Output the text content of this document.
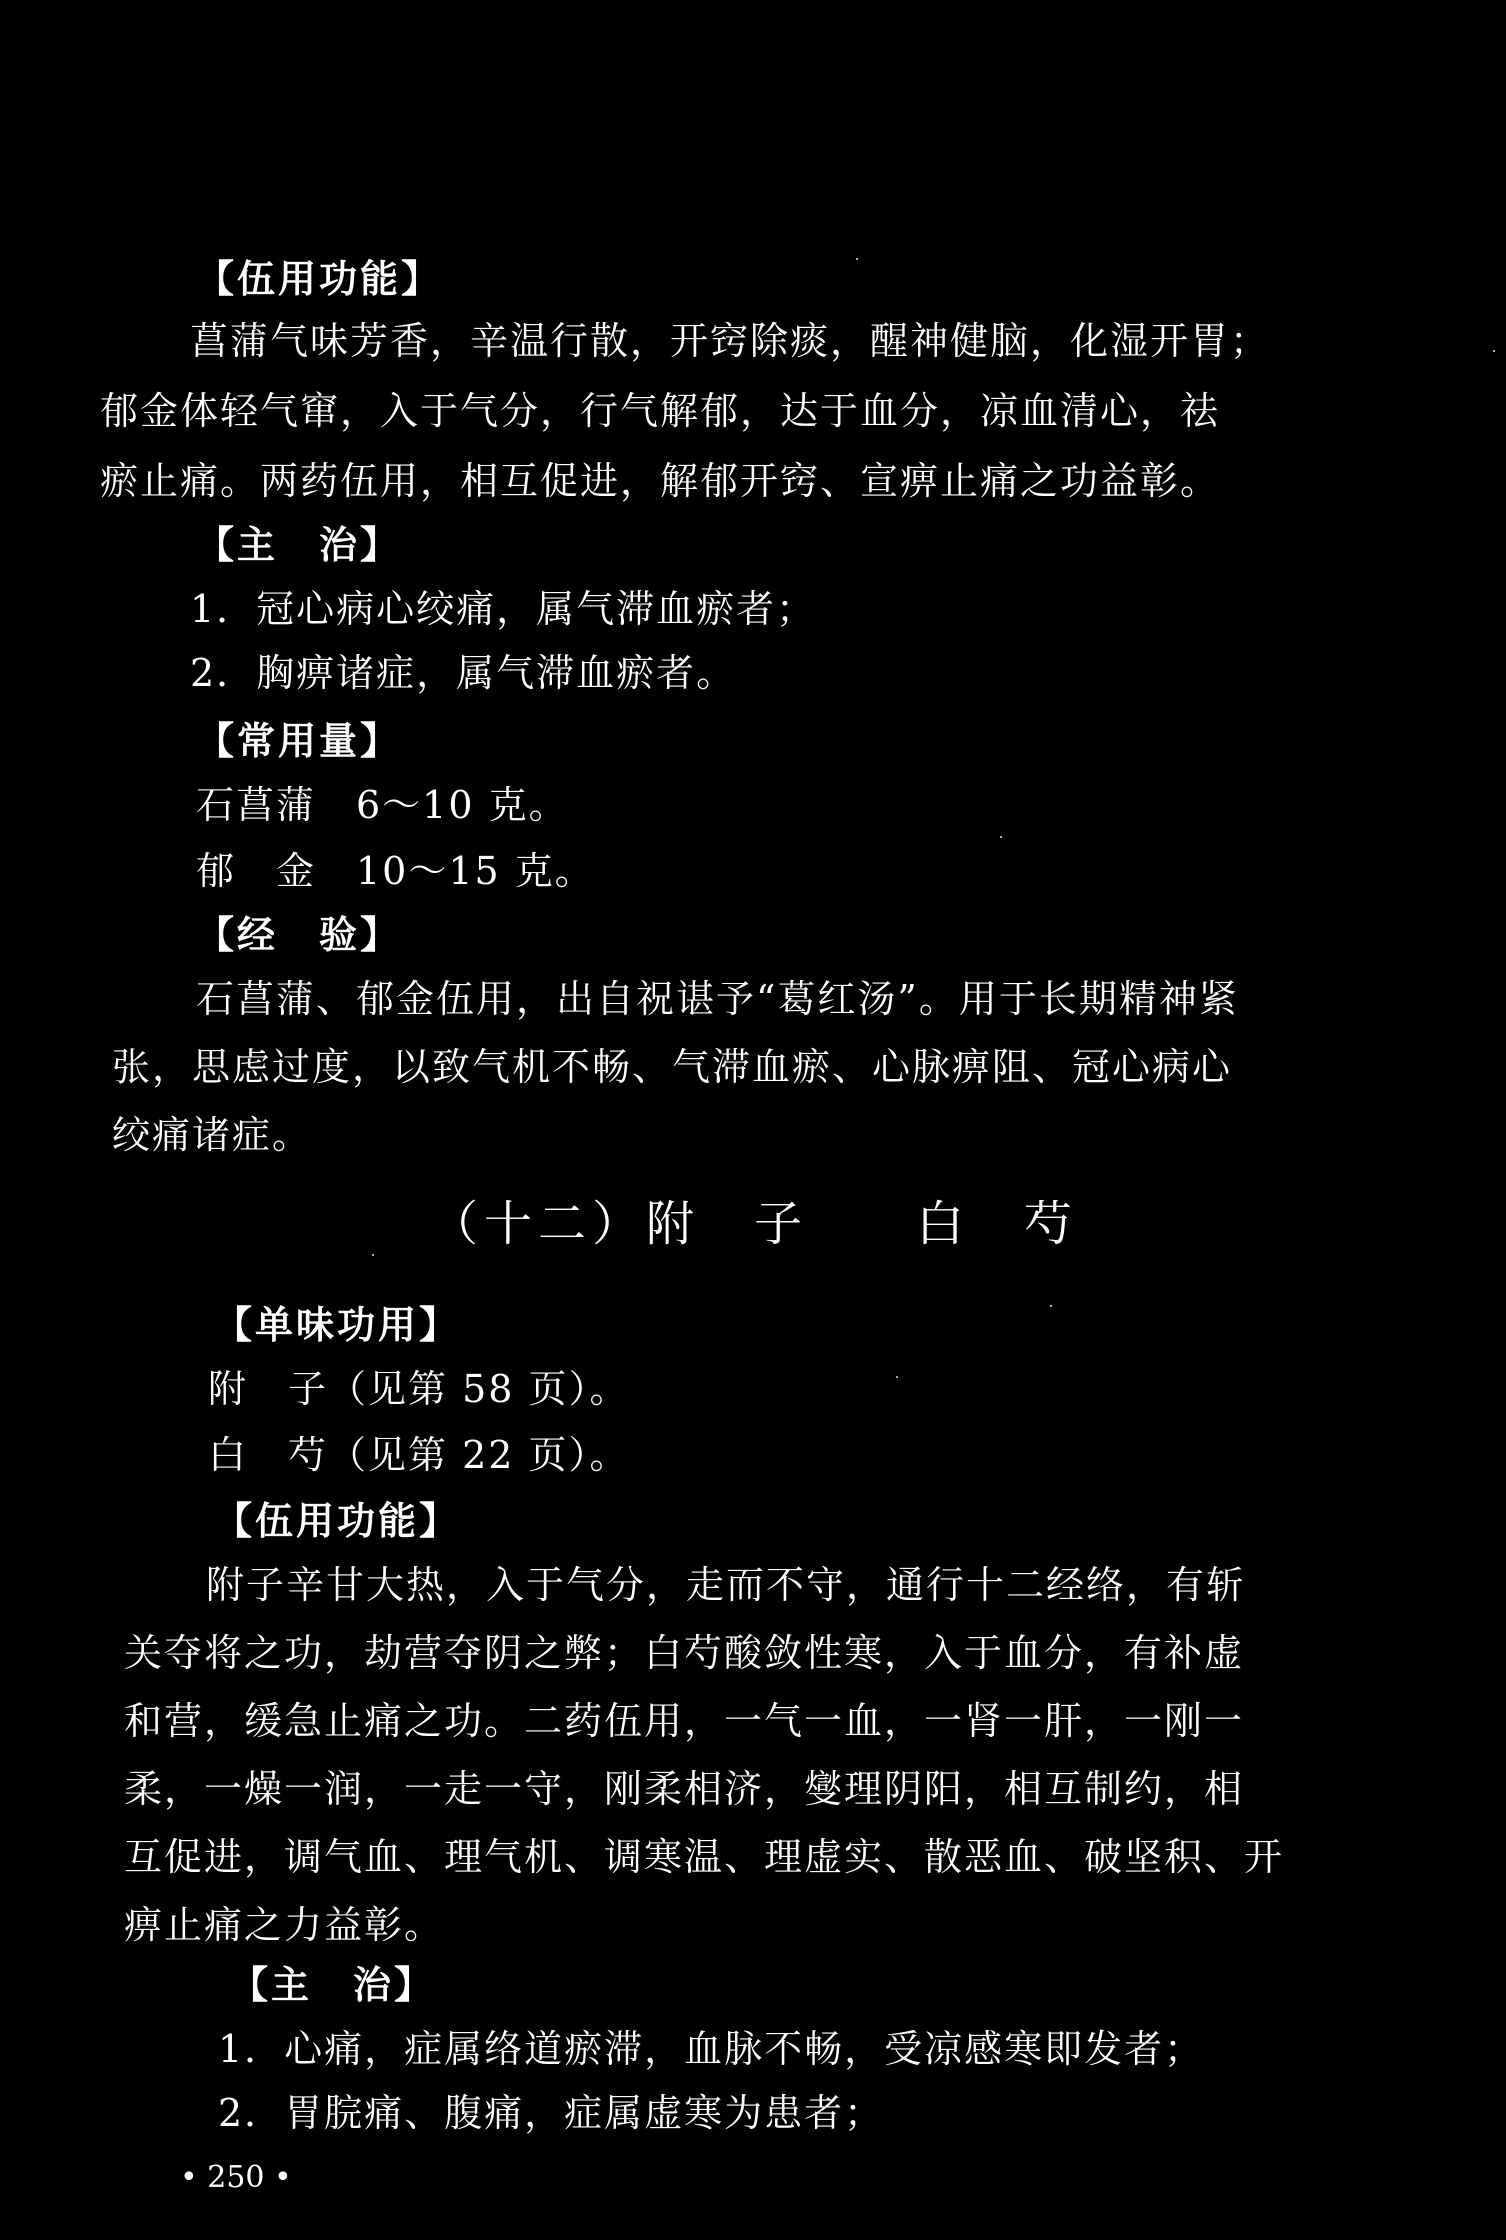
【伍用功能】
菖蒲气味芳香，辛温行散，开窍除痰，醒神健脑，化湿开胃；
郁金体轻气窜，入于气分，行气解郁，达于血分，凉血清心，祛
瘀止痛。两药伍用，相互促进，解郁开窍、宣痹止痛之功益彰。
【主　治】
1．冠心病心绞痛，属气滞血瘀者；
2．胸痹诸症，属气滞血瘀者。
【常用量】
石菖蒲　6～10 克。
郁　金　10～15 克。
【经　验】
石菖蒲、郁金伍用，出自祝谌予“葛红汤”。用于长期精神紧
张，思虑过度，以致气机不畅、气滞血瘀、心脉痹阻、冠心病心
绞痛诸症。
（十二）附　子　　白　芍
【单味功用】
附　子（见第 58 页）。
白　芍（见第 22 页）。
【伍用功能】
附子辛甘大热，入于气分，走而不守，通行十二经络，有斩
关夺将之功，劫营夺阴之弊；白芍酸敛性寒，入于血分，有补虚
和营，缓急止痛之功。二药伍用，一气一血，一肾一肝，一刚一
柔，一燥一润，一走一守，刚柔相济，燮理阴阳，相互制约，相
互促进，调气血、理气机、调寒温、理虚实、散恶血、破坚积、开
痹止痛之力益彰。
【主　治】
1．心痛，症属络道瘀滞，血脉不畅，受凉感寒即发者；
2．胃脘痛、腹痛，症属虚寒为患者；
• 250 •
